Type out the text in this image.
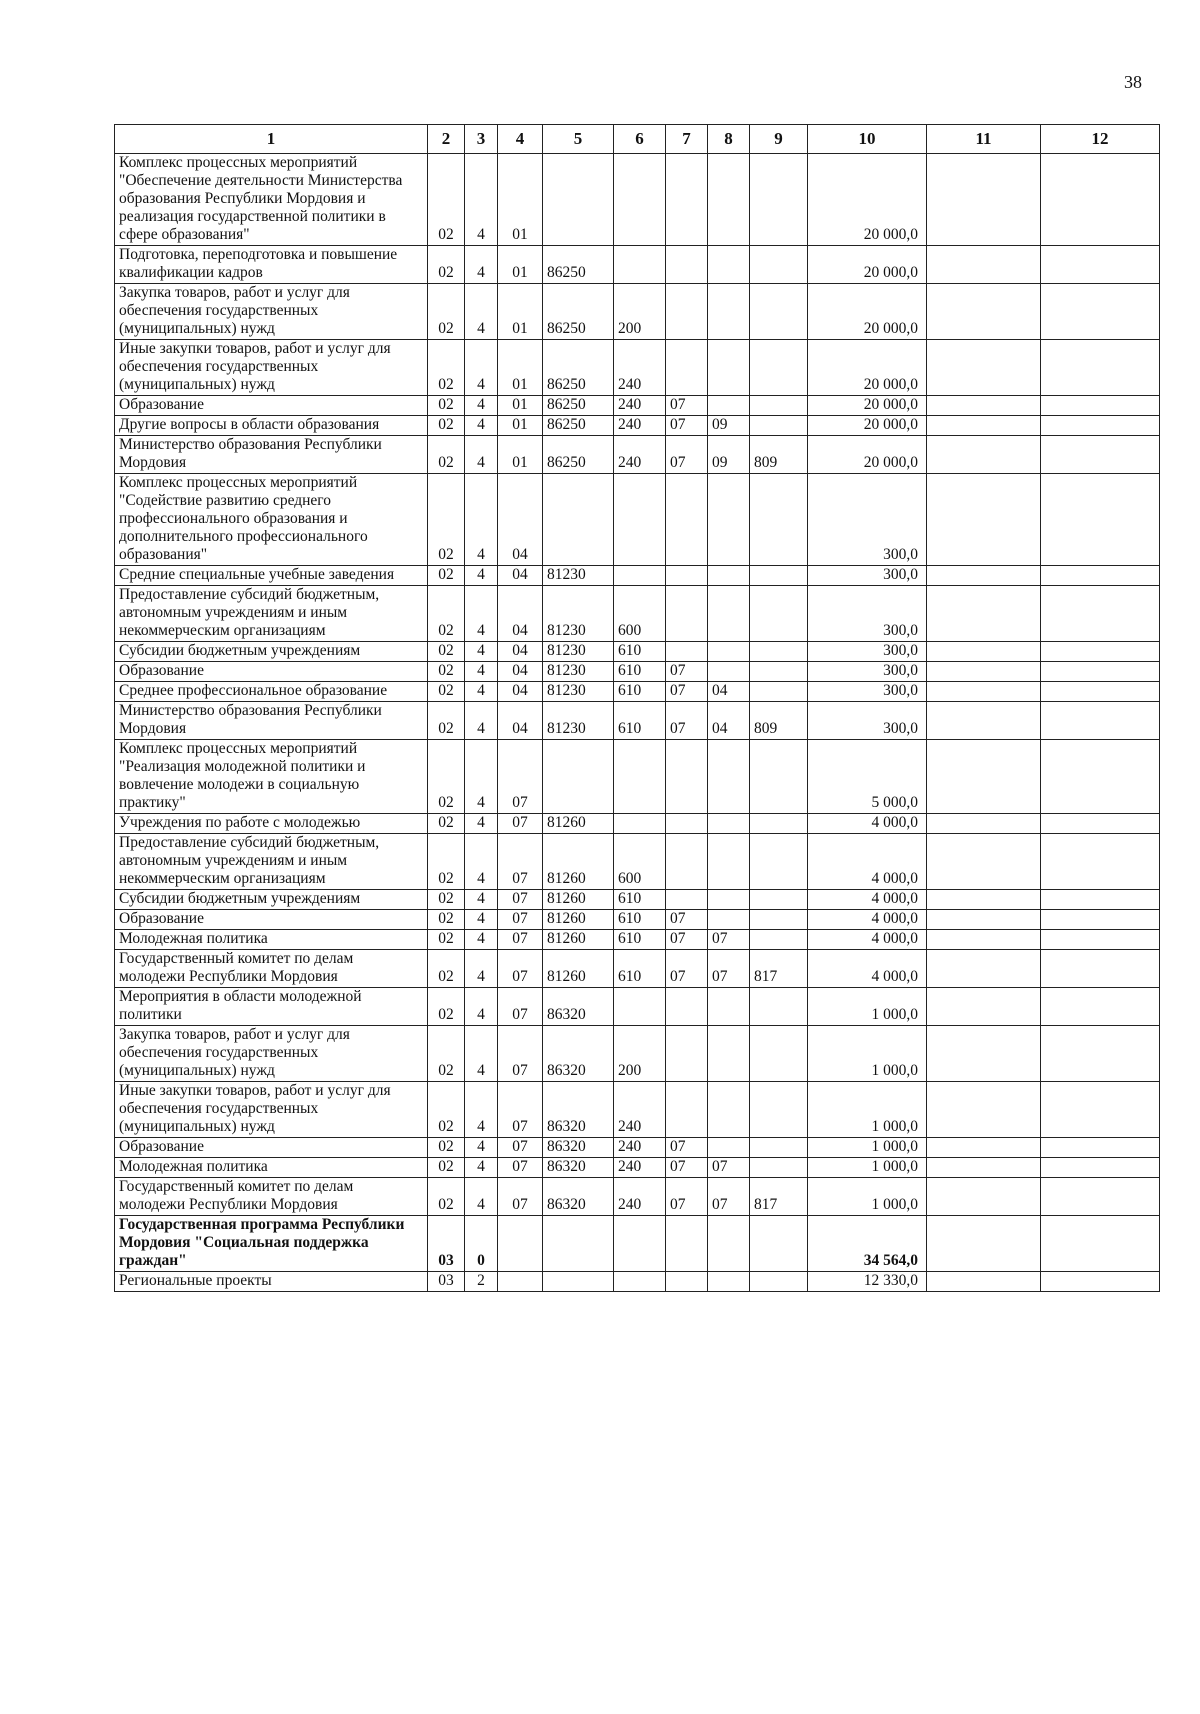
38
1	2	3	4	5	6	7	8	9	10	11	12
Комплекс процессных мероприятий "Обеспечение деятельности Министерства образования Республики Мордовия и реализация государственной политики в сфере образования"	02	4	01						20 000,0		
Подготовка, переподготовка и повышение квалификации кадров	02	4	01	86250					20 000,0		
Закупка товаров, работ и услуг для обеспечения государственных (муниципальных) нужд	02	4	01	86250	200				20 000,0		
Иные закупки товаров, работ и услуг для обеспечения государственных (муниципальных) нужд	02	4	01	86250	240				20 000,0		
Образование	02	4	01	86250	240	07			20 000,0		
Другие вопросы в области образования	02	4	01	86250	240	07	09		20 000,0		
Министерство образования Республики Мордовия	02	4	01	86250	240	07	09	809	20 000,0		
Комплекс процессных мероприятий "Содействие развитию среднего профессионального образования и дополнительного профессионального образования"	02	4	04						300,0		
Средние специальные учебные заведения	02	4	04	81230					300,0		
Предоставление субсидий бюджетным, автономным учреждениям и иным некоммерческим организациям	02	4	04	81230	600				300,0		
Субсидии бюджетным учреждениям	02	4	04	81230	610				300,0		
Образование	02	4	04	81230	610	07			300,0		
Среднее профессиональное образование	02	4	04	81230	610	07	04		300,0		
Министерство образования Республики Мордовия	02	4	04	81230	610	07	04	809	300,0		
Комплекс процессных мероприятий "Реализация молодежной политики и вовлечение молодежи в социальную практику"	02	4	07						5 000,0		
Учреждения по работе с молодежью	02	4	07	81260					4 000,0		
Предоставление субсидий бюджетным, автономным учреждениям и иным некоммерческим организациям	02	4	07	81260	600				4 000,0		
Субсидии бюджетным учреждениям	02	4	07	81260	610				4 000,0		
Образование	02	4	07	81260	610	07			4 000,0		
Молодежная политика	02	4	07	81260	610	07	07		4 000,0		
Государственный комитет по делам молодежи Республики Мордовия	02	4	07	81260	610	07	07	817	4 000,0		
Мероприятия в области молодежной политики	02	4	07	86320					1 000,0		
Закупка товаров, работ и услуг для обеспечения государственных (муниципальных) нужд	02	4	07	86320	200				1 000,0		
Иные закупки товаров, работ и услуг для обеспечения государственных (муниципальных) нужд	02	4	07	86320	240				1 000,0		
Образование	02	4	07	86320	240	07			1 000,0		
Молодежная политика	02	4	07	86320	240	07	07		1 000,0		
Государственный комитет по делам молодежи Республики Мордовия	02	4	07	86320	240	07	07	817	1 000,0		
Государственная программа Республики Мордовия "Социальная поддержка граждан"	03	0							34 564,0		
Региональные проекты	03	2							12 330,0		
